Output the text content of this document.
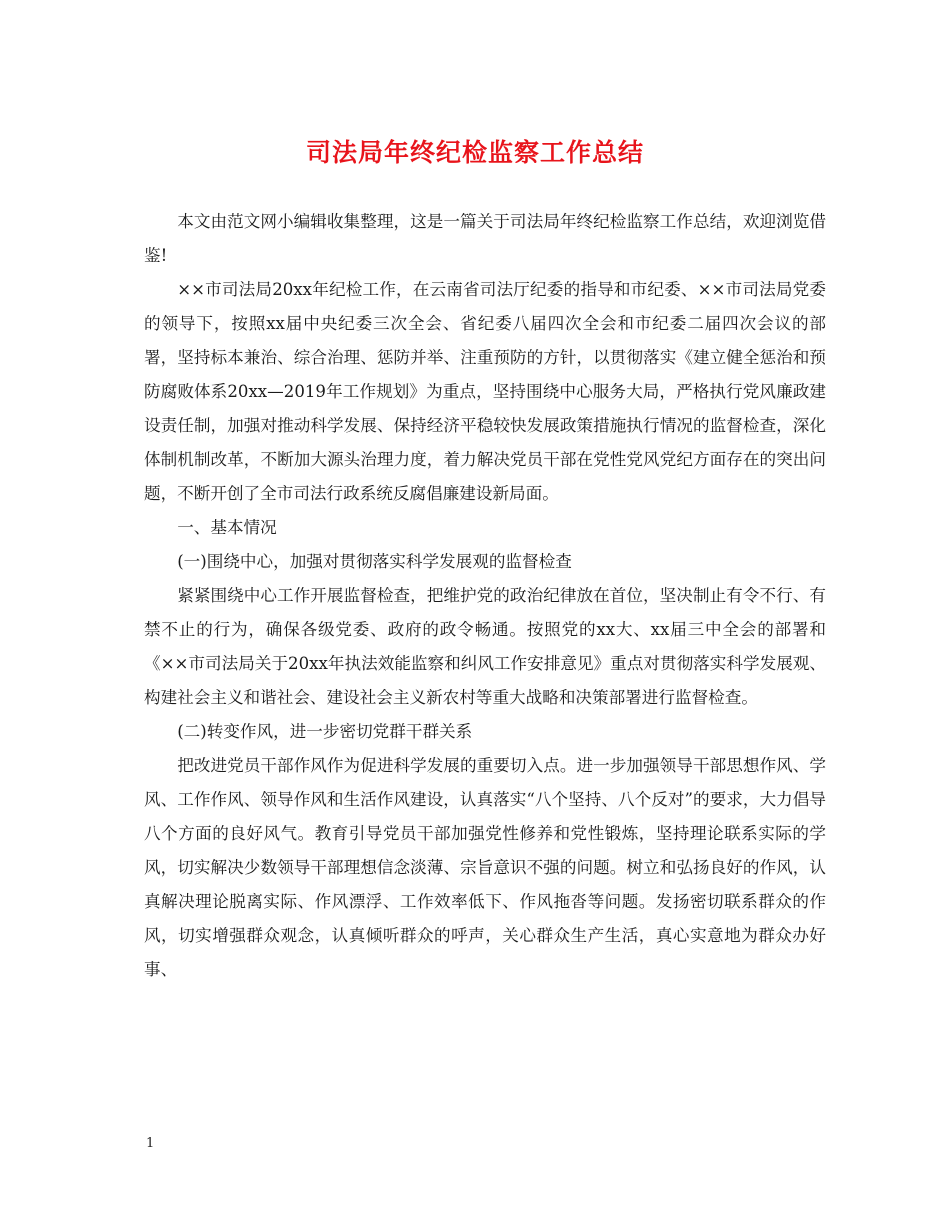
司法局年终纪检监察工作总结

本文由范文网小编辑收集整理，这是一篇关于司法局年终纪检监察工作总结，欢迎浏览借鉴!

××市司法局20xx年纪检工作，在云南省司法厅纪委的指导和市纪委、××市司法局党委的领导下，按照xx届中央纪委三次全会、省纪委八届四次全会和市纪委二届四次会议的部署，坚持标本兼治、综合治理、惩防并举、注重预防的方针，以贯彻落实《建立健全惩治和预防腐败体系20xx—2019年工作规划》为重点，坚持围绕中心服务大局，严格执行党风廉政建设责任制，加强对推动科学发展、保持经济平稳较快发展政策措施执行情况的监督检查，深化体制机制改革，不断加大源头治理力度，着力解决党员干部在党性党风党纪方面存在的突出问题，不断开创了全市司法行政系统反腐倡廉建设新局面。

一、基本情况

(一)围绕中心，加强对贯彻落实科学发展观的监督检查

紧紧围绕中心工作开展监督检查，把维护党的政治纪律放在首位，坚决制止有令不行、有禁不止的行为，确保各级党委、政府的政令畅通。按照党的xx大、xx届三中全会的部署和《××市司法局关于20xx年执法效能监察和纠风工作安排意见》重点对贯彻落实科学发展观、构建社会主义和谐社会、建设社会主义新农村等重大战略和决策部署进行监督检查。

(二)转变作风，进一步密切党群干群关系

把改进党员干部作风作为促进科学发展的重要切入点。进一步加强领导干部思想作风、学风、工作作风、领导作风和生活作风建设，认真落实“八个坚持、八个反对”的要求，大力倡导八个方面的良好风气。教育引导党员干部加强党性修养和党性锻炼，坚持理论联系实际的学风，切实解决少数领导干部理想信念淡薄、宗旨意识不强的问题。树立和弘扬良好的作风，认真解决理论脱离实际、作风漂浮、工作效率低下、作风拖沓等问题。发扬密切联系群众的作风，切实增强群众观念，认真倾听群众的呼声，关心群众生产生活，真心实意地为群众办好事、

1
